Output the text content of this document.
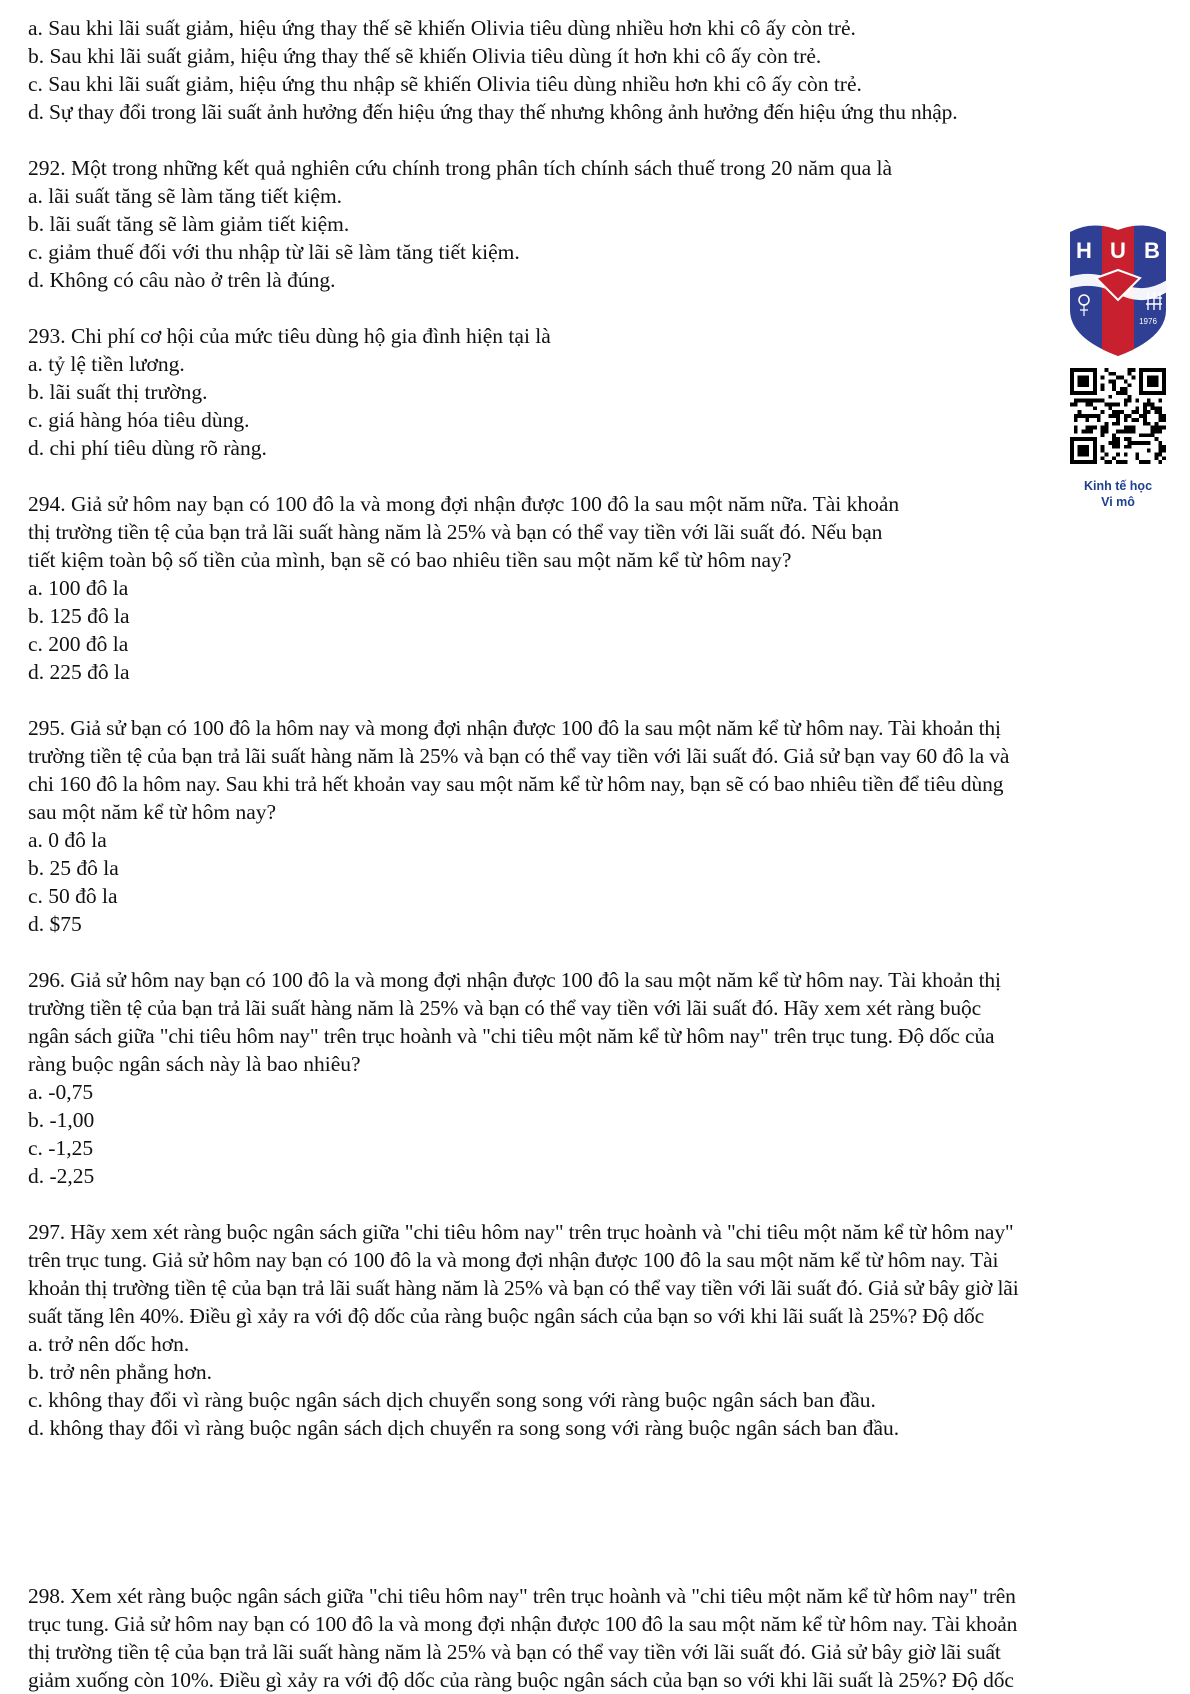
a. Sau khi lãi suất giảm, hiệu ứng thay thế sẽ khiến Olivia tiêu dùng nhiều hơn khi cô ấy còn trẻ.
b. Sau khi lãi suất giảm, hiệu ứng thay thế sẽ khiến Olivia tiêu dùng ít hơn khi cô ấy còn trẻ.
c. Sau khi lãi suất giảm, hiệu ứng thu nhập sẽ khiến Olivia tiêu dùng nhiều hơn khi cô ấy còn trẻ.
d. Sự thay đổi trong lãi suất ảnh hưởng đến hiệu ứng thay thế nhưng không ảnh hưởng đến hiệu ứng thu nhập.
292. Một trong những kết quả nghiên cứu chính trong phân tích chính sách thuế trong 20 năm qua là
a. lãi suất tăng sẽ làm tăng tiết kiệm.
b. lãi suất tăng sẽ làm giảm tiết kiệm.
c. giảm thuế đối với thu nhập từ lãi sẽ làm tăng tiết kiệm.
d. Không có câu nào ở trên là đúng.
293. Chi phí cơ hội của mức tiêu dùng hộ gia đình hiện tại là
a. tỷ lệ tiền lương.
b. lãi suất thị trường.
c. giá hàng hóa tiêu dùng.
d. chi phí tiêu dùng rõ ràng.
294. Giả sử hôm nay bạn có 100 đô la và mong đợi nhận được 100 đô la sau một năm nữa. Tài khoản
thị trường tiền tệ của bạn trả lãi suất hàng năm là 25% và bạn có thể vay tiền với lãi suất đó. Nếu bạn
tiết kiệm toàn bộ số tiền của mình, bạn sẽ có bao nhiêu tiền sau một năm kể từ hôm nay?
a. 100 đô la
b. 125 đô la
c. 200 đô la
d. 225 đô la
295. Giả sử bạn có 100 đô la hôm nay và mong đợi nhận được 100 đô la sau một năm kể từ hôm nay. Tài khoản thị
trường tiền tệ của bạn trả lãi suất hàng năm là 25% và bạn có thể vay tiền với lãi suất đó. Giả sử bạn vay 60 đô la và
chi 160 đô la hôm nay. Sau khi trả hết khoản vay sau một năm kể từ hôm nay, bạn sẽ có bao nhiêu tiền để tiêu dùng
sau một năm kể từ hôm nay?
a. 0 đô la
b. 25 đô la
c. 50 đô la
d. $75
296. Giả sử hôm nay bạn có 100 đô la và mong đợi nhận được 100 đô la sau một năm kể từ hôm nay. Tài khoản thị
trường tiền tệ của bạn trả lãi suất hàng năm là 25% và bạn có thể vay tiền với lãi suất đó. Hãy xem xét ràng buộc
ngân sách giữa "chi tiêu hôm nay" trên trục hoành và "chi tiêu một năm kể từ hôm nay" trên trục tung. Độ dốc của
ràng buộc ngân sách này là bao nhiêu?
a. -0,75
b. -1,00
c. -1,25
d. -2,25
297. Hãy xem xét ràng buộc ngân sách giữa "chi tiêu hôm nay" trên trục hoành và "chi tiêu một năm kể từ hôm nay"
trên trục tung. Giả sử hôm nay bạn có 100 đô la và mong đợi nhận được 100 đô la sau một năm kể từ hôm nay. Tài
khoản thị trường tiền tệ của bạn trả lãi suất hàng năm là 25% và bạn có thể vay tiền với lãi suất đó. Giả sử bây giờ lãi
suất tăng lên 40%. Điều gì xảy ra với độ dốc của ràng buộc ngân sách của bạn so với khi lãi suất là 25%? Độ dốc
a. trở nên dốc hơn.
b. trở nên phẳng hơn.
c. không thay đổi vì ràng buộc ngân sách dịch chuyển song song với ràng buộc ngân sách ban đầu.
d. không thay đổi vì ràng buộc ngân sách dịch chuyển ra song song với ràng buộc ngân sách ban đầu.
298. Xem xét ràng buộc ngân sách giữa "chi tiêu hôm nay" trên trục hoành và "chi tiêu một năm kể từ hôm nay" trên
trục tung. Giả sử hôm nay bạn có 100 đô la và mong đợi nhận được 100 đô la sau một năm kể từ hôm nay. Tài khoản
thị trường tiền tệ của bạn trả lãi suất hàng năm là 25% và bạn có thể vay tiền với lãi suất đó. Giả sử bây giờ lãi suất
giảm xuống còn 10%. Điều gì xảy ra với độ dốc của ràng buộc ngân sách của bạn so với khi lãi suất là 25%? Độ dốc
H U B
1976
Kinh tế học
Vi mô
